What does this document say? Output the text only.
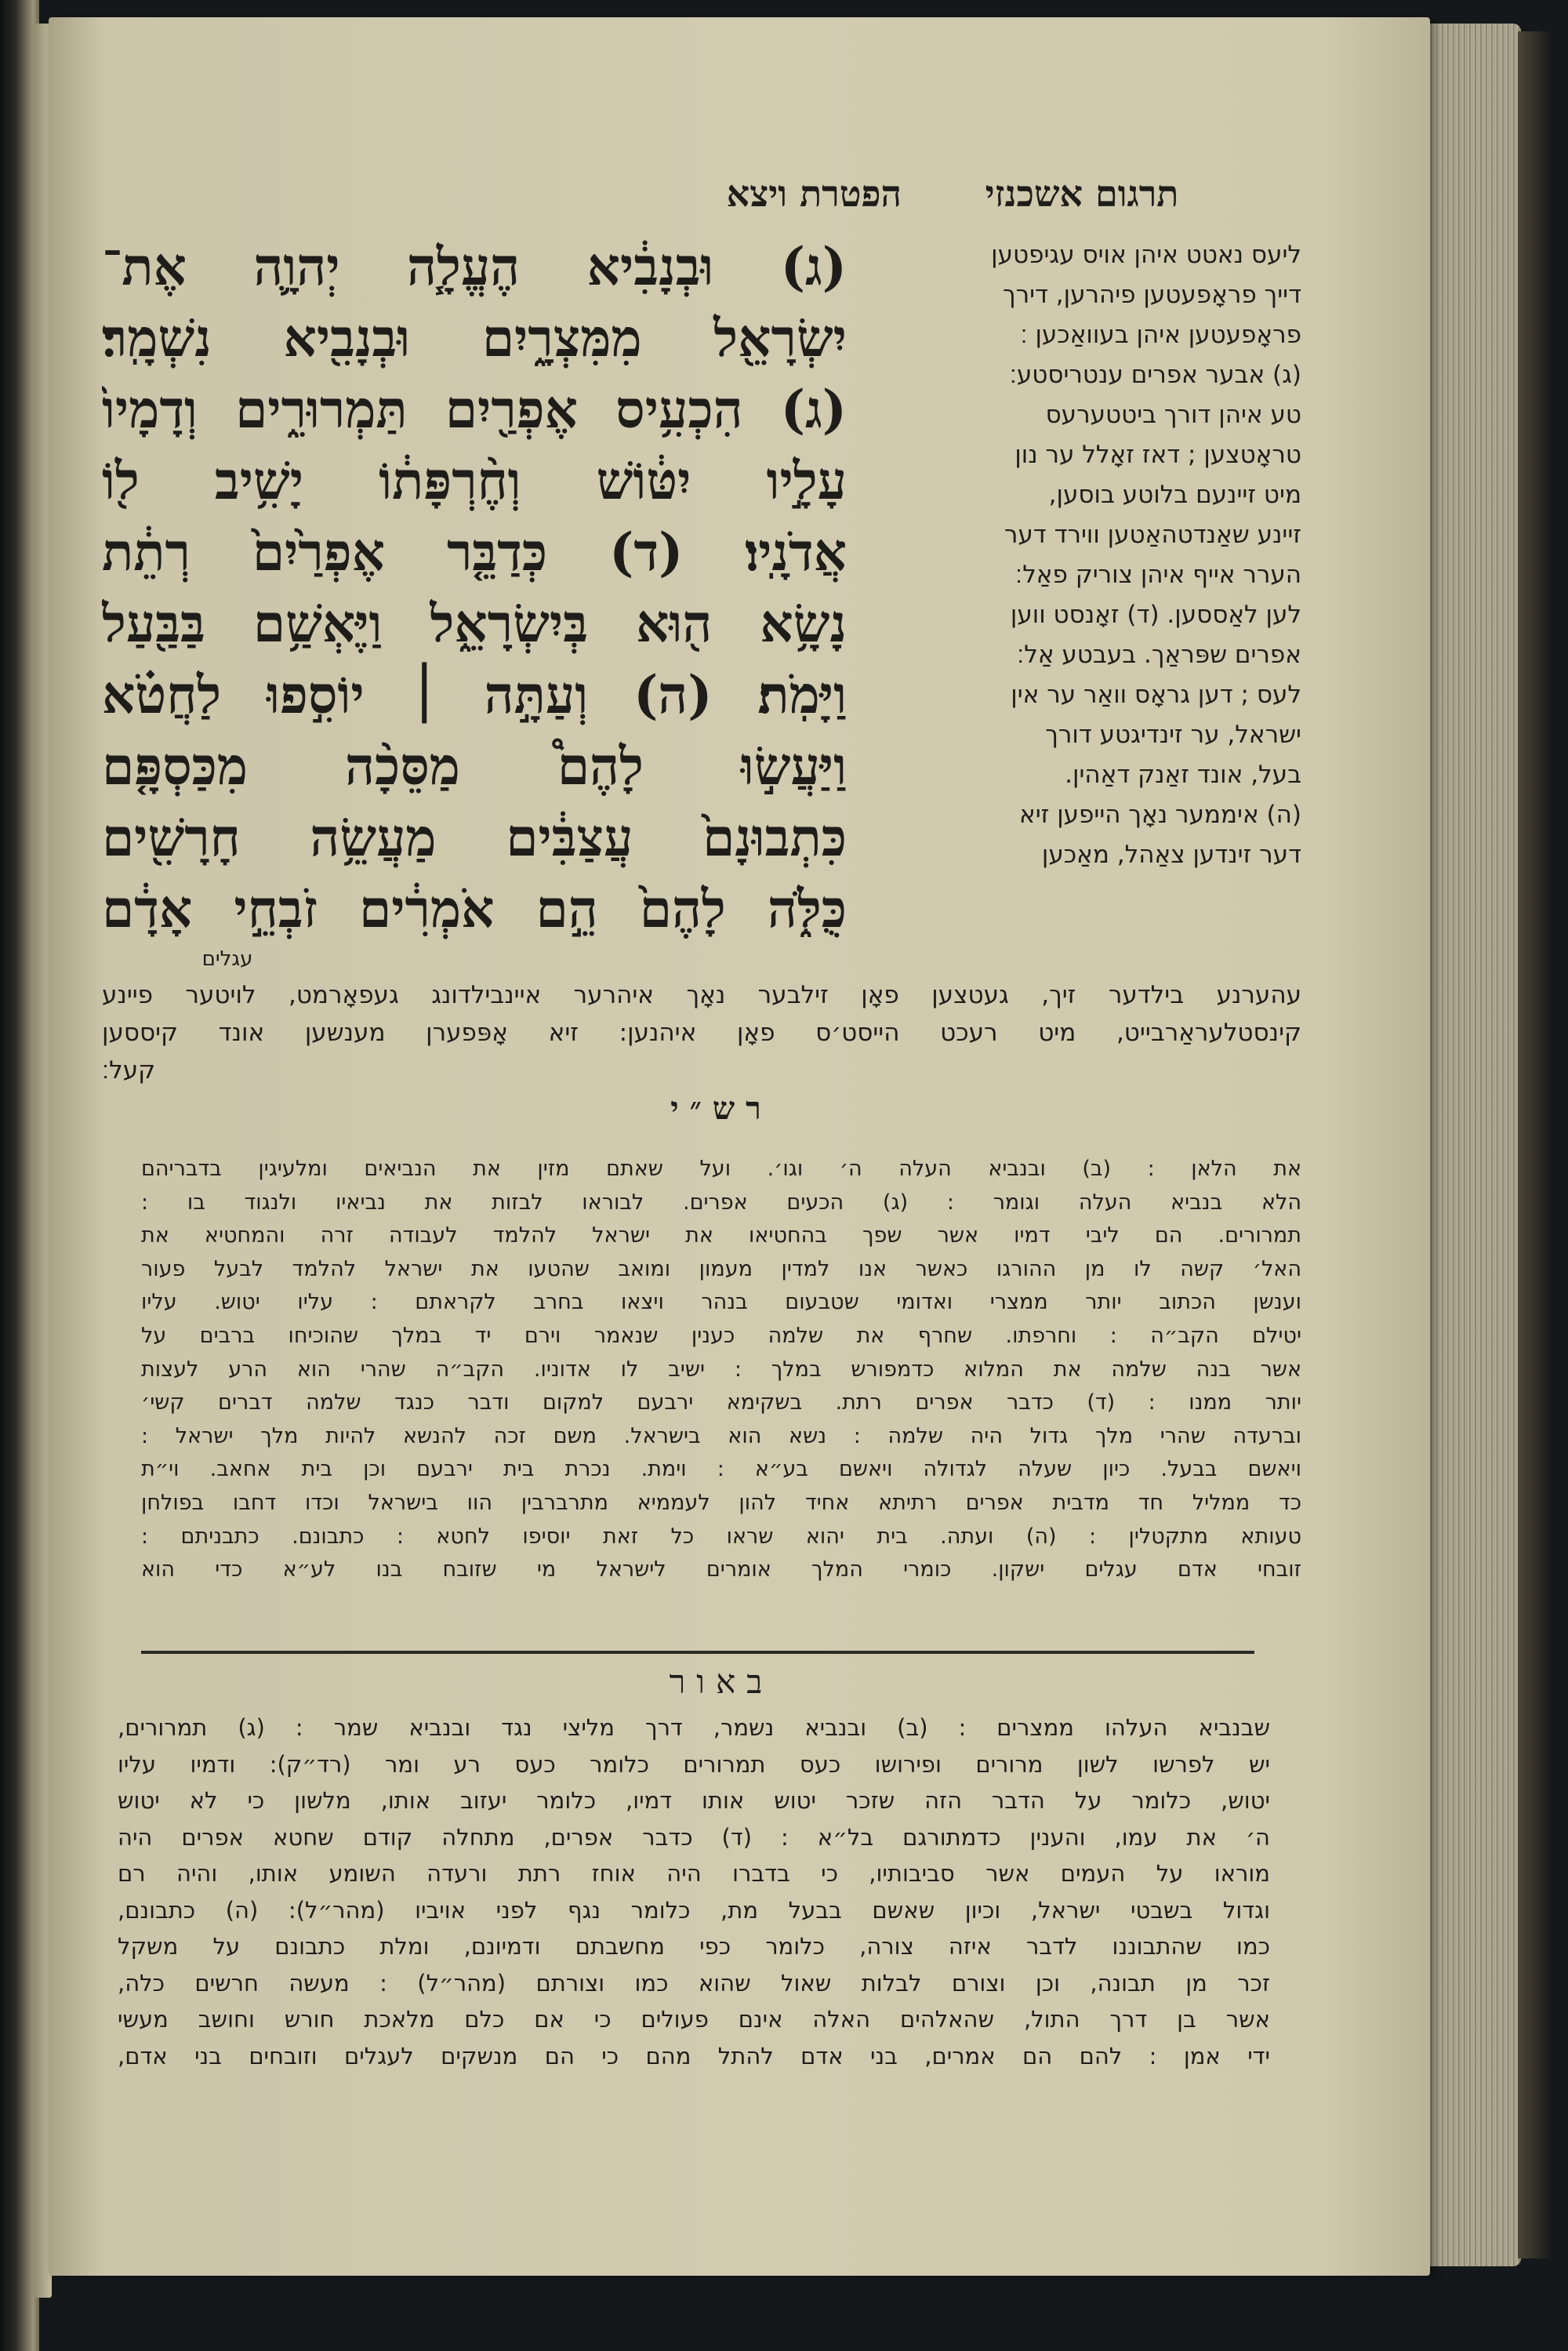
תרגום אשכנזי
הפטרת ויצא
ליעס נאטט איהן אויס עגיפטען
דייך פראָפעטען פיהרען, דירך
פראָפעטען איהן בעוואַכען ׃
(ג) אבער אפרים ענטריסטע׃
טע איהן דורך ביטטערעס
טראָטצען ; דאז זאָלל ער נון
מיט זיינעם בלוטע בוסען,
זיינע שאַנדטהאַטען ווירד דער
הערר אייף איהן צוריק פאַל׃
לען לאַססען. (ד) זאָנסט ווען
אפרים שפּראַך. בעבטע אַל׃
לעס ; דען גראָס וואַר ער אין
ישראל, ער זינדיגטע דורך
בעל, אונד זאַנק דאַהין.
(ה) איממער נאָך הייפען זיא
דער זינדען צאַהל, מאַכען
(ג) וּבְנָבִ֔יא הֶעֱלָ֧ה יְהוָ֛ה אֶת־
יִשְׂרָאֵ֖ל מִמִּצְרָ֑יִם וּבְנָבִ֖יא נִשְׁמָֽר׃
(ג) הִכְעִ֥יס אֶפְרַ֖יִם תַּמְרוּרִ֑ים וְדָמָיו֙
עָלָ֣יו יִטּ֔וֹשׁ וְחֶ֨רְפָּת֔וֹ יָשִׁ֥יב ל֖וֹ
אֲדֹנָֽיו׃ (ד) כְּדַבֵּ֤ר אֶפְרַ֙יִם֙ רְתֵ֔ת
נָשָׂ֥א ה֖וּא בְּיִשְׂרָאֵ֑ל וַיֶּאְשַׁ֥ם בַּבַּ֖עַל
וַיָּמֹֽת׃ (ה) וְעַתָּ֣ה ׀ יוֹסִ֣פוּ לַחֲטֹ֗א
וַיַּעֲשׂ֣וּ לָהֶם֩ מַסֵּכָ֨ה מִכַּסְפָּ֤ם
כִּתְבוּנָם֙ עֲצַבִּ֔ים מַעֲשֵׂ֥ה חָרָשִׁ֖ים
כֻּלֹּ֑ה לָהֶם֙ הֵ֣ם אֹמְרִ֔ים זֹבְחֵ֣י אָדָ֔ם
עגלים
עהערנע בילדער זיך, געטצען פאָן זילבער נאָך איהרער איינבילדונג געפאָרמט, לויטער פיינע
קינסטלעראַרבייט, מיט רעכט הייסט׳ס פאָן איהנען: זיא אָפּפערן מענשען אונד קיססען
קעל׃
רש״י
את הלאן : (ב) ובנביא העלה ה׳ וגו׳. ועל שאתם מזין את הנביאים ומלעיגין בדבריהם
הלא בנביא העלה וגומר : (ג) הכעים אפרים. לבוראו לבזות את נביאיו ולנגוד בו :
תמרורים. הם ליבי דמיו אשר שפך בהחטיאו את ישראל להלמד לעבודה זרה והמחטיא את
האל׳ קשה לו מן ההורגו כאשר אנו למדין מעמון ומואב שהטעו את ישראל להלמד לבעל פעור
וענשן הכתוב יותר ממצרי ואדומי שטבעום בנהר ויצאו בחרב לקראתם : עליו יטוש. עליו
יטילם הקב״ה : וחרפתו. שחרף את שלמה כענין שנאמר וירם יד במלך שהוכיחו ברבים על
אשר בנה שלמה את המלוא כדמפורש במלך : ישיב לו אדוניו. הקב״ה שהרי הוא הרע לעצות
יותר ממנו : (ד) כדבר אפרים רתת. בשקימא ירבעם למקום ודבר כנגד שלמה דברים קשי׳
וברעדה שהרי מלך גדול היה שלמה : נשא הוא בישראל. משם זכה להנשא להיות מלך ישראל :
ויאשם בבעל. כיון שעלה לגדולה ויאשם בע״א : וימת. נכרת בית ירבעם וכן בית אחאב. וי״ת
כד ממליל חד מדבית אפרים רתיתא אחיד להון לעממיא מתרברבין הוו בישראל וכדו דחבו בפולחן
טעותא מתקטלין : (ה) ועתה. בית יהוא שראו כל זאת יוסיפו לחטא : כתבונם. כתבניתם :
זובחי אדם עגלים ישקון. כומרי המלך אומרים לישראל מי שזובח בנו לע״א כדי הוא
באור
שבנביא העלהו ממצרים : (ב) ובנביא נשמר, דרך מליצי נגד ובנביא שמר : (ג) תמרורים,
יש לפרשו לשון מרורים ופירושו כעס תמרורים כלומר כעס רע ומר (רד״ק): ודמיו עליו
יטוש, כלומר על הדבר הזה שזכר יטוש אותו דמיו, כלומר יעזוב אותו, מלשון כי לא יטוש
ה׳ את עמו, והענין כדמתורגם בל״א : (ד) כדבר אפרים, מתחלה קודם שחטא אפרים היה
מוראו על העמים אשר סביבותיו, כי בדברו היה אוחז רתת ורעדה השומע אותו, והיה רם
וגדול בשבטי ישראל, וכיון שאשם בבעל מת, כלומר נגף לפני אויביו (מהר״ל): (ה) כתבונם,
כמו שהתבוננו לדבר איזה צורה, כלומר כפי מחשבתם ודמיונם, ומלת כתבונם על משקל
זכר מן תבונה, וכן וצורם לבלות שאול שהוא כמו וצורתם (מהר״ל) : מעשה חרשים כלה,
אשר בן דרך התול, שהאלהים האלה אינם פעולים כי אם כלם מלאכת חורש וחושב מעשי
ידי אמן : להם הם אמרים, בני אדם להתל מהם כי הם מנשקים לעגלים וזובחים בני אדם,
